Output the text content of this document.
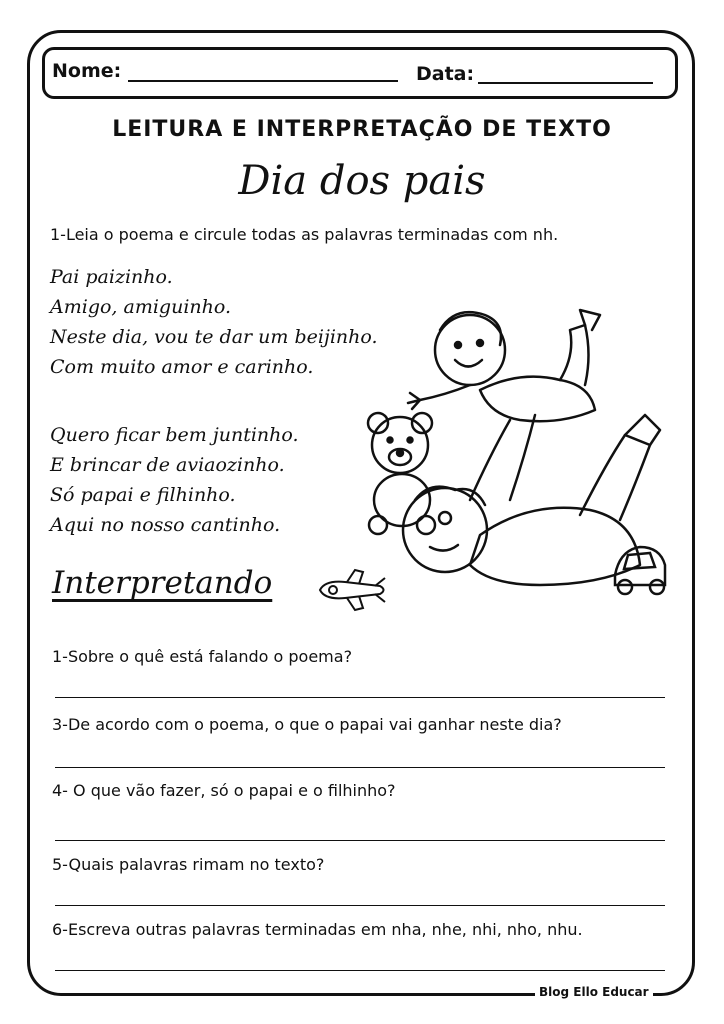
Nome:	Data:
LEITURA E INTERPRETAÇÃO DE TEXTO
Dia dos pais
1-Leia o poema e circule todas as palavras terminadas com nh.
Pai paizinho.
Amigo, amiguinho.
Neste dia, vou te dar um beijinho.
Com muito amor e carinho.
Quero ficar bem juntinho.
E brincar de aviaozinho.
Só papai e filhinho.
Aqui no nosso cantinho.
Interpretando
1-Sobre o quê está falando o poema?
3-De acordo com o poema, o que o papai vai ganhar neste dia?
4- O que vão fazer, só o papai e o filhinho?
5-Quais palavras rimam no texto?
6-Escreva outras palavras terminadas em nha, nhe, nhi, nho, nhu.
Blog Ello Educar
